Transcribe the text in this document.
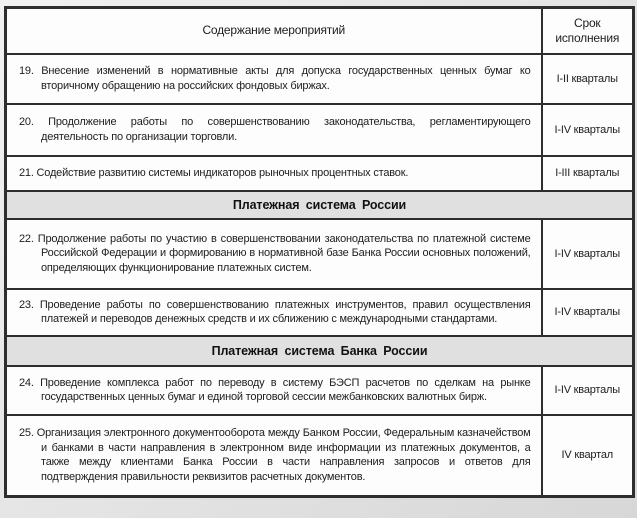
Содержание мероприятий	Срок исполнения
19. Внесение изменений в нормативные акты для допуска государственных ценных бумаг ко вторичному обращению на российских фондовых биржах.	I-II кварталы
20. Продолжение работы по совершенствованию законодательства, регламентирующего деятельность по организации торговли.	I-IV кварталы
21. Содействие развитию системы индикаторов рыночных процентных ставок.	I-III кварталы
Платежная система России	
22. Продолжение работы по участию в совершенствовании законодательства по платежной системе Российской Федерации и формированию в нормативной базе Банка России основных положений, определяющих функционирование платежных систем.	I-IV кварталы
23. Проведение работы по совершенствованию платежных инструментов, правил осуществления платежей и переводов денежных средств и их сближению с международными стандартами.	I-IV кварталы
Платежная система Банка России	
24. Проведение комплекса работ по переводу в систему БЭСП расчетов по сделкам на рынке государственных ценных бумаг и единой торговой сессии межбанковских валютных бирж.	I-IV кварталы
25. Организация электронного документооборота между Банком России, Федеральным казначейством и банками в части направления в электронном виде информации из платежных документов, а также между клиентами Банка России в части направления запросов и ответов для подтверждения правильности реквизитов расчетных документов.	IV квартал
